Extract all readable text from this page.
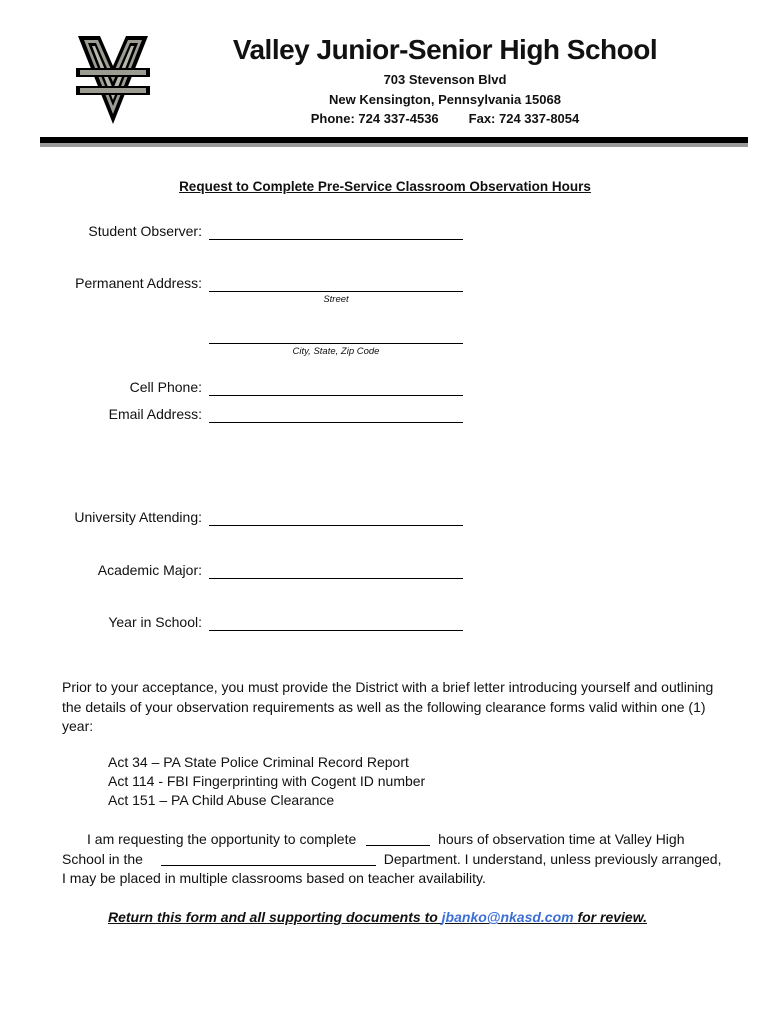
Valley Junior-Senior High School
703 Stevenson Blvd
New Kensington, Pennsylvania 15068
Phone: 724 337-4536 Fax: 724 337-8054
Request to Complete Pre-Service Classroom Observation Hours
Student Observer:
Permanent Address:
Street
City, State, Zip Code
Cell Phone:
Email Address:
University Attending:
Academic Major:
Year in School:
Prior to your acceptance, you must provide the District with a brief letter introducing yourself and outlining the details of your observation requirements as well as the following clearance forms valid within one (1) year:
Act 34 – PA State Police Criminal Record Report
Act 114 - FBI Fingerprinting with Cogent ID number
Act 151 – PA Child Abuse Clearance
I am requesting the opportunity to complete	hours of observation time at Valley High
School in the	Department. I understand, unless previously arranged,
I may be placed in multiple classrooms based on teacher availability.
Return this form and all supporting documents to jbanko@nkasd.com for review.
